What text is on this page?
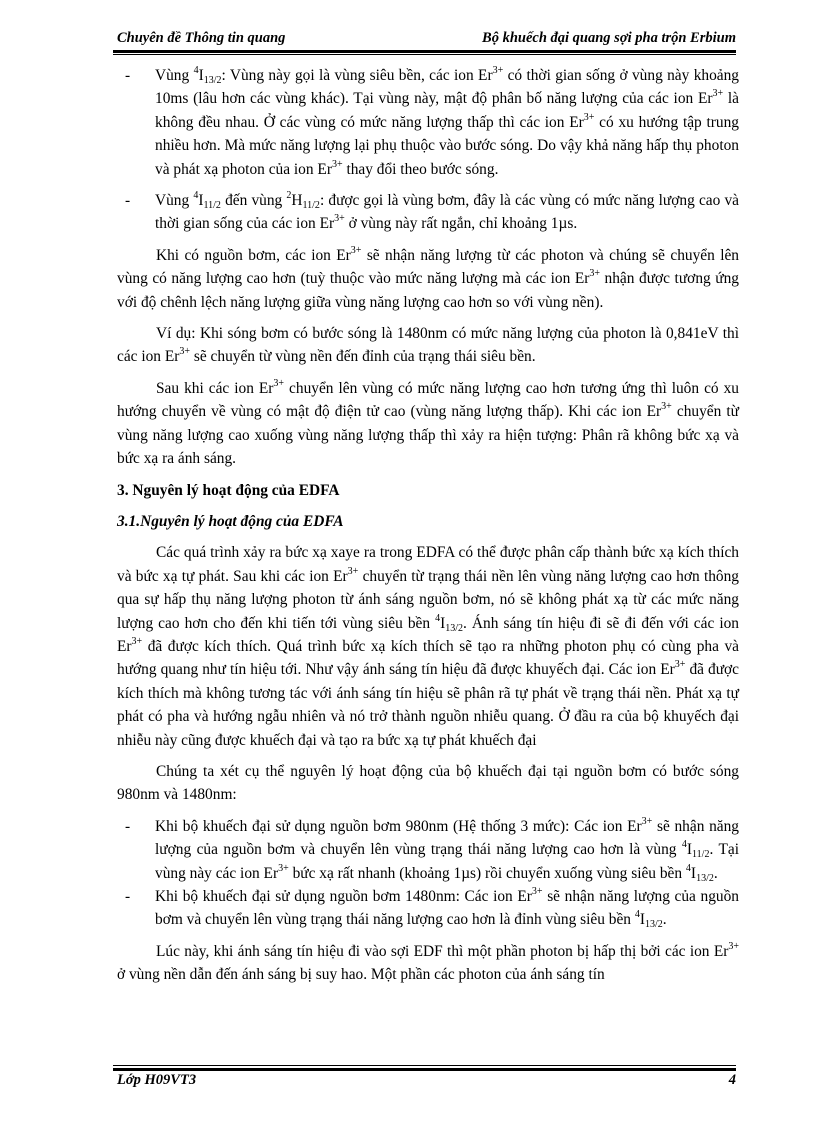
Chuyên đề Thông tin quang	Bộ khuếch đại quang sợi pha trộn Erbium
- Vùng $^4I_{13/2}$: Vùng này gọi là vùng siêu bền, các ion $Er^{3+}$ có thời gian sống ở vùng này khoảng 10ms (lâu hơn các vùng khác). Tại vùng này, mật độ phân bố năng lượng của các ion $Er^{3+}$ là không đều nhau. Ở các vùng có mức năng lượng thấp thì các ion $Er^{3+}$ có xu hướng tập trung nhiều hơn. Mà mức năng lượng lại phụ thuộc vào bước sóng. Do vậy khả năng hấp thụ photon và phát xạ photon của ion $Er^{3+}$ thay đổi theo bước sóng.
- Vùng $^4I_{11/2}$ đến vùng $^2H_{11/2}$: được gọi là vùng bơm, đây là các vùng có mức năng lượng cao và thời gian sống của các ion $Er^{3+}$ ở vùng này rất ngắn, chỉ khoảng 1µs.

Khi có nguồn bơm, các ion $Er^{3+}$ sẽ nhận năng lượng từ các photon và chúng sẽ chuyển lên vùng có năng lượng cao hơn (tuỳ thuộc vào mức năng lượng mà các ion $Er^{3+}$ nhận được tương ứng với độ chênh lệch năng lượng giữa vùng năng lượng cao hơn so với vùng nền).

Ví dụ: Khi sóng bơm có bước sóng là 1480nm có mức năng lượng của photon là 0,841eV thì các ion $Er^{3+}$ sẽ chuyển từ vùng nền đến đỉnh của trạng thái siêu bền.

Sau khi các ion $Er^{3+}$ chuyển lên vùng có mức năng lượng cao hơn tương ứng thì luôn có xu hướng chuyển về vùng có mật độ điện tử cao (vùng năng lượng thấp). Khi các ion $Er^{3+}$ chuyển từ vùng năng lượng cao xuống vùng năng lượng thấp thì xảy ra hiện tượng: Phân rã không bức xạ và bức xạ ra ánh sáng.

3. Nguyên lý hoạt động của EDFA
3.1.Nguyên lý hoạt động của EDFA

Các quá trình xảy ra bức xạ xaye ra trong EDFA có thể được phân cấp thành bức xạ kích thích và bức xạ tự phát. Sau khi các ion $Er^{3+}$ chuyển từ trạng thái nền lên vùng năng lượng cao hơn thông qua sự hấp thụ năng lượng photon từ ánh sáng nguồn bơm, nó sẽ không phát xạ từ các mức năng lượng cao hơn cho đến khi tiến tới vùng siêu bền $^4I_{13/2}$. Ánh sáng tín hiệu đi sẽ đi đến với các ion $Er^{3+}$ đã được kích thích. Quá trình bức xạ kích thích sẽ tạo ra những photon phụ có cùng pha và hướng quang như tín hiệu tới. Như vậy ánh sáng tín hiệu đã được khuyếch đại. Các ion $Er^{3+}$ đã được kích thích mà không tương tác với ánh sáng tín hiệu sẽ phân rã tự phát về trạng thái nền. Phát xạ tự phát có pha và hướng ngẫu nhiên và nó trở thành nguồn nhiễu quang. Ở đầu ra của bộ khuyếch đại nhiễu này cũng được khuếch đại và tạo ra bức xạ tự phát khuếch đại

Chúng ta xét cụ thể nguyên lý hoạt động của bộ khuếch đại tại nguồn bơm có bước sóng 980nm và 1480nm:

- Khi bộ khuếch đại sử dụng nguồn bơm 980nm (Hệ thống 3 mức): Các ion $Er^{3+}$ sẽ nhận năng lượng của nguồn bơm và chuyển lên vùng trạng thái năng lượng cao hơn là vùng $^4I_{11/2}$. Tại vùng này các ion $Er^{3+}$ bức xạ rất nhanh (khoảng 1µs) rồi chuyển xuống vùng siêu bền $^4I_{13/2}$.
- Khi bộ khuếch đại sử dụng nguồn bơm 1480nm: Các ion $Er^{3+}$ sẽ nhận năng lượng của nguồn bơm và chuyển lên vùng trạng thái năng lượng cao hơn là đỉnh vùng siêu bền $^4I_{13/2}$.

Lúc này, khi ánh sáng tín hiệu đi vào sợi EDF thì một phần photon bị hấp thị bởi các ion $Er^{3+}$ ở vùng nền dẫn đến ánh sáng bị suy hao. Một phần các photon của ánh sáng tín

Lớp H09VT3	4
